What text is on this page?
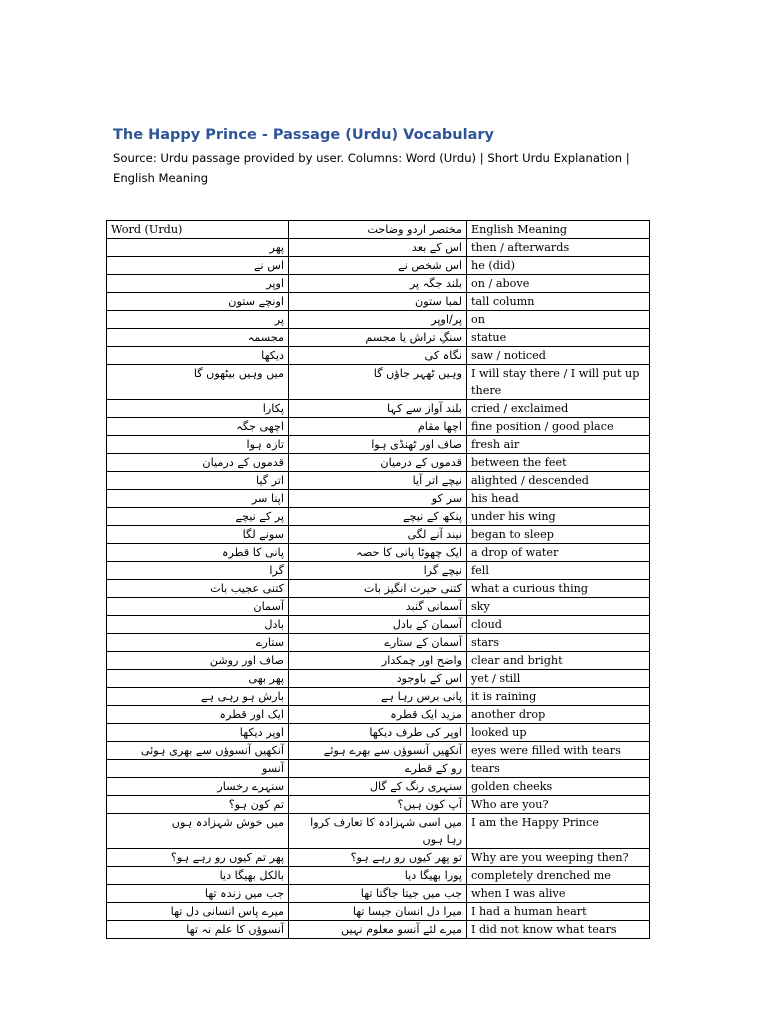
The Happy Prince - Passage (Urdu) Vocabulary
Source: Urdu passage provided by user. Columns: Word (Urdu) | Short Urdu Explanation | English Meaning
Word (Urdu)	مختصر اردو وضاحت	English Meaning
پھر	اس کے بعد	then / afterwards
اس نے	اس شخص نے	he (did)
اوپر	بلند جگہ پر	on / above
اونچے ستون	لمبا ستون	tall column
پر	پر/اوپر	on
مجسمہ	سنگِ تراش یا مجسم	statue
دیکھا	نگاہ کی	saw / noticed
میں وہیں بیٹھوں گا	وہیں ٹھہر جاؤں گا	I will stay there / I will put up there
پکارا	بلند آواز سے کہا	cried / exclaimed
اچھی جگہ	اچھا مقام	fine position / good place
تازہ ہوا	صاف اور ٹھنڈی ہوا	fresh air
قدموں کے درمیان	قدموں کے درمیان	between the feet
اتر گیا	نیچے اتر آیا	alighted / descended
اپنا سر	سر کو	his head
پر کے نیچے	پنکھ کے نیچے	under his wing
سونے لگا	نیند آنے لگی	began to sleep
پانی کا قطرہ	ایک چھوٹا پانی کا حصہ	a drop of water
گرا	نیچے گرا	fell
کتنی عجیب بات	کتنی حیرت انگیز بات	what a curious thing
آسمان	آسمانی گنبد	sky
بادل	آسمان کے بادل	cloud
ستارے	آسمان کے ستارے	stars
صاف اور روشن	واضح اور چمکدار	clear and bright
پھر بھی	اس کے باوجود	yet / still
بارش ہو رہی ہے	پانی برس رہا ہے	it is raining
ایک اور قطرہ	مزید ایک قطرہ	another drop
اوپر دیکھا	اوپر کی طرف دیکھا	looked up
آنکھیں آنسوؤں سے بھری ہوئی	آنکھیں آنسوؤں سے بھرے ہوئے	eyes were filled with tears
آنسو	رو کے قطرے	tears
سنہرے رخسار	سنہری رنگ کے گال	golden cheeks
تم کون ہو؟	آپ کون ہیں؟	Who are you?
میں خوش شہزادہ ہوں	میں اسی شہزادہ کا تعارف کروا رہا ہوں	I am the Happy Prince
پھر تم کیوں رو رہے ہو؟	تو پھر کیوں رو رہے ہو؟	Why are you weeping then?
بالکل بھیگا دیا	پورا بھیگا دیا	completely drenched me
جب میں زندہ تھا	جب میں جیتا جاگتا تھا	when I was alive
میرے پاس انسانی دل تھا	میرا دل انسان جیسا تھا	I had a human heart
آنسوؤں کا علم نہ تھا	میرے لئے آنسو معلوم نہیں	I did not know what tears
